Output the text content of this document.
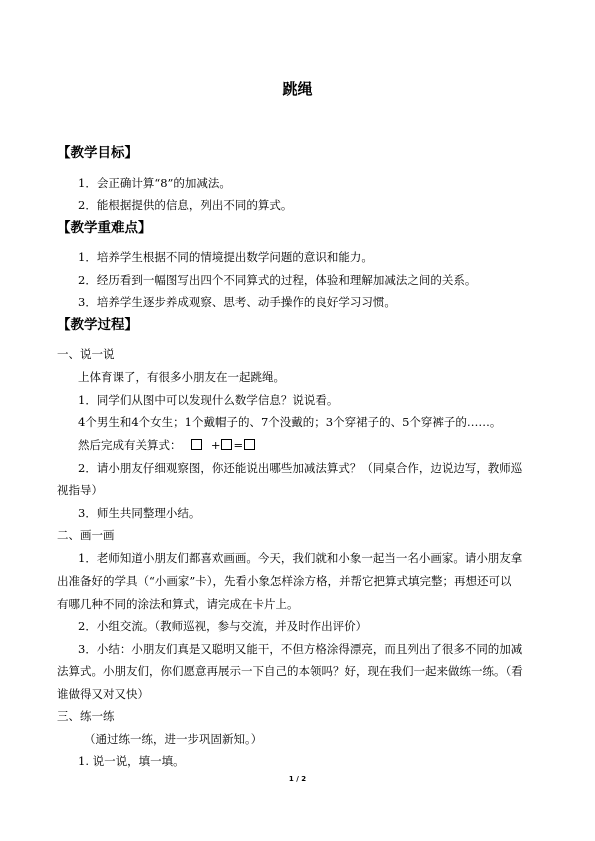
跳绳
【教学目标】
1．会正确计算“8”的加减法。
2．能根据提供的信息，列出不同的算式。
【教学重难点】
1．培养学生根据不同的情境提出数学问题的意识和能力。
2．经历看到一幅图写出四个不同算式的过程，体验和理解加减法之间的关系。
3．培养学生逐步养成观察、思考、动手操作的良好学习习惯。
【教学过程】
一、说一说
上体育课了，有很多小朋友在一起跳绳。
1．同学们从图中可以发现什么数学信息？说说看。
4个男生和4个女生；1个戴帽子的、7个没戴的；3个穿裙子的、5个穿裤子的……。
然后完成有关算式：	+ =
2．请小朋友仔细观察图，你还能说出哪些加减法算式？（同桌合作，边说边写，教师巡
视指导）
3．师生共同整理小结。
二、画一画
1．老师知道小朋友们都喜欢画画。今天，我们就和小象一起当一名小画家。请小朋友拿
出准备好的学具（“小画家”卡），先看小象怎样涂方格，并帮它把算式填完整；再想还可以
有哪几种不同的涂法和算式，请完成在卡片上。
2．小组交流。（教师巡视，参与交流，并及时作出评价）
3．小结：小朋友们真是又聪明又能干，不但方格涂得漂亮，而且列出了很多不同的加减
法算式。小朋友们，你们愿意再展示一下自己的本领吗？好，现在我们一起来做练一练。（看
谁做得又对又快）
三、练一练
（通过练一练，进一步巩固新知。）
1. 说一说，填一填。
1 / 2
